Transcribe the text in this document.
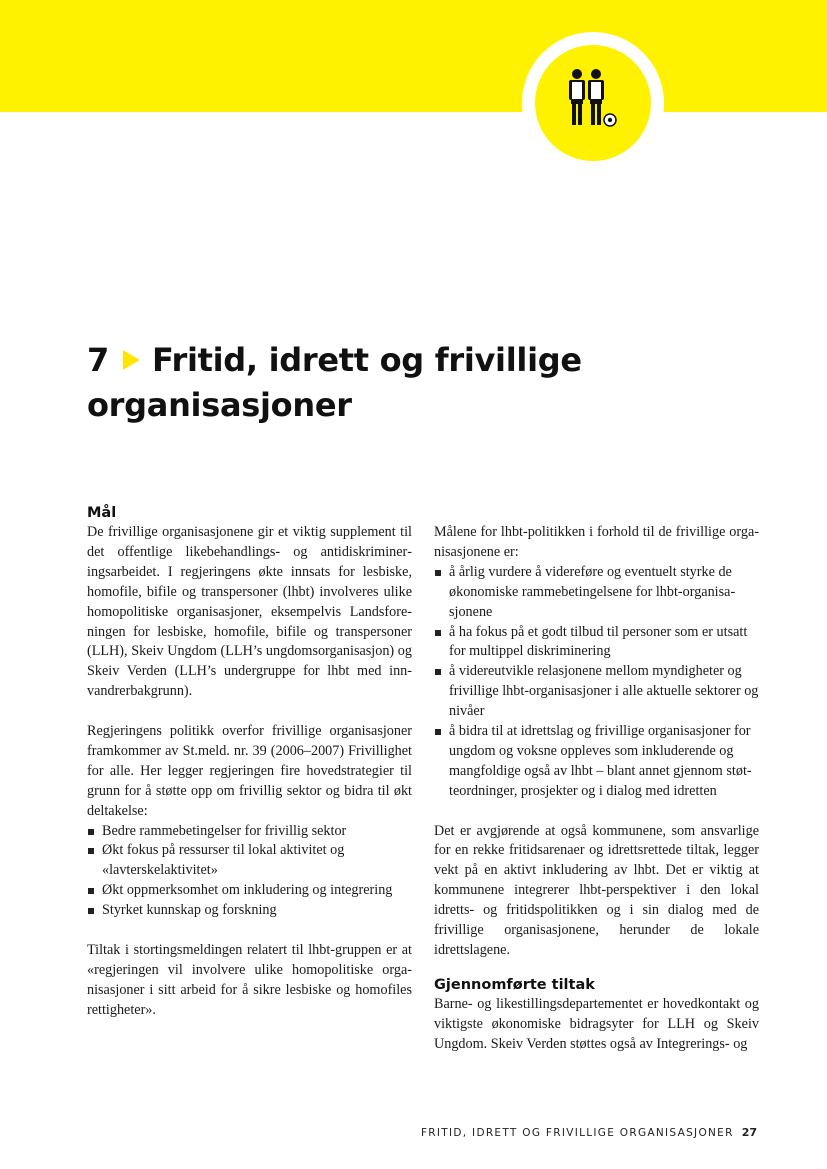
7 Fritid, idrett og frivillige organisasjoner
Mål

De frivillige organisasjonene gir et viktig supplement til det offentlige likebehandlings- og antidiskrimineringsarbeidet. I regjeringens økte innsats for lesbiske, homofile, bifile og transpersoner (lhbt) involveres ulike homopolitiske organisasjoner, eksempelvis Landsforeningen for lesbiske, homofile, bifile og transpersoner (LLH), Skeiv Ungdom (LLH’s ungdomsorganisasjon) og Skeiv Verden (LLH’s undergruppe for lhbt med innvandrerbakgrunn).

Regjeringens politikk overfor frivillige organisasjoner framkommer av St.meld. nr. 39 (2006–2007) Frivillighet for alle. Her legger regjeringen fire hovedstrategier til grunn for å støtte opp om frivillig sektor og bidra til økt deltakelse:

Bedre rammebetingelser for frivillig sektor
Økt fokus på ressurser til lokal aktivitet og «lavterskelaktivitet»
Økt oppmerksomhet om inkludering og integrering
Styrket kunnskap og forskning

Tiltak i stortingsmeldingen relatert til lhbt-gruppen er at «regjeringen vil involvere ulike homopolitiske organisasjoner i sitt arbeid for å sikre lesbiske og homofiles rettigheter».

Målene for lhbt-politikken i forhold til de frivillige organisasjonene er:

å årlig vurdere å videreføre og eventuelt styrke de økonomiske rammebetingelsene for lhbt-organisasjonene
å ha fokus på et godt tilbud til personer som er utsatt for multippel diskriminering
å videreutvikle relasjonene mellom myndigheter og frivillige lhbt-organisasjoner i alle aktuelle sektorer og nivåer
å bidra til at idrettslag og frivillige organisasjoner for ungdom og voksne oppleves som inkluderende og mangfoldige også av lhbt – blant annet gjennom støtteordninger, prosjekter og i dialog med idretten

Det er avgjørende at også kommunene, som ansvarlige for en rekke fritidsarenaer og idrettsrettede tiltak, legger vekt på en aktivt inkludering av lhbt. Det er viktig at kommunene integrerer lhbt-perspektiver i den lokal idretts- og fritidspolitikken og i sin dialog med de frivillige organisasjonene, herunder de lokale idrettslagene.

Gjennomførte tiltak

Barne- og likestillingsdepartementet er hovedkontakt og viktigste økonomiske bidragsyter for LLH og Skeiv Ungdom. Skeiv Verden støttes også av Integrerings- og

FRITID, IDRETT OG FRIVILLIGE ORGANISASJONER 27
